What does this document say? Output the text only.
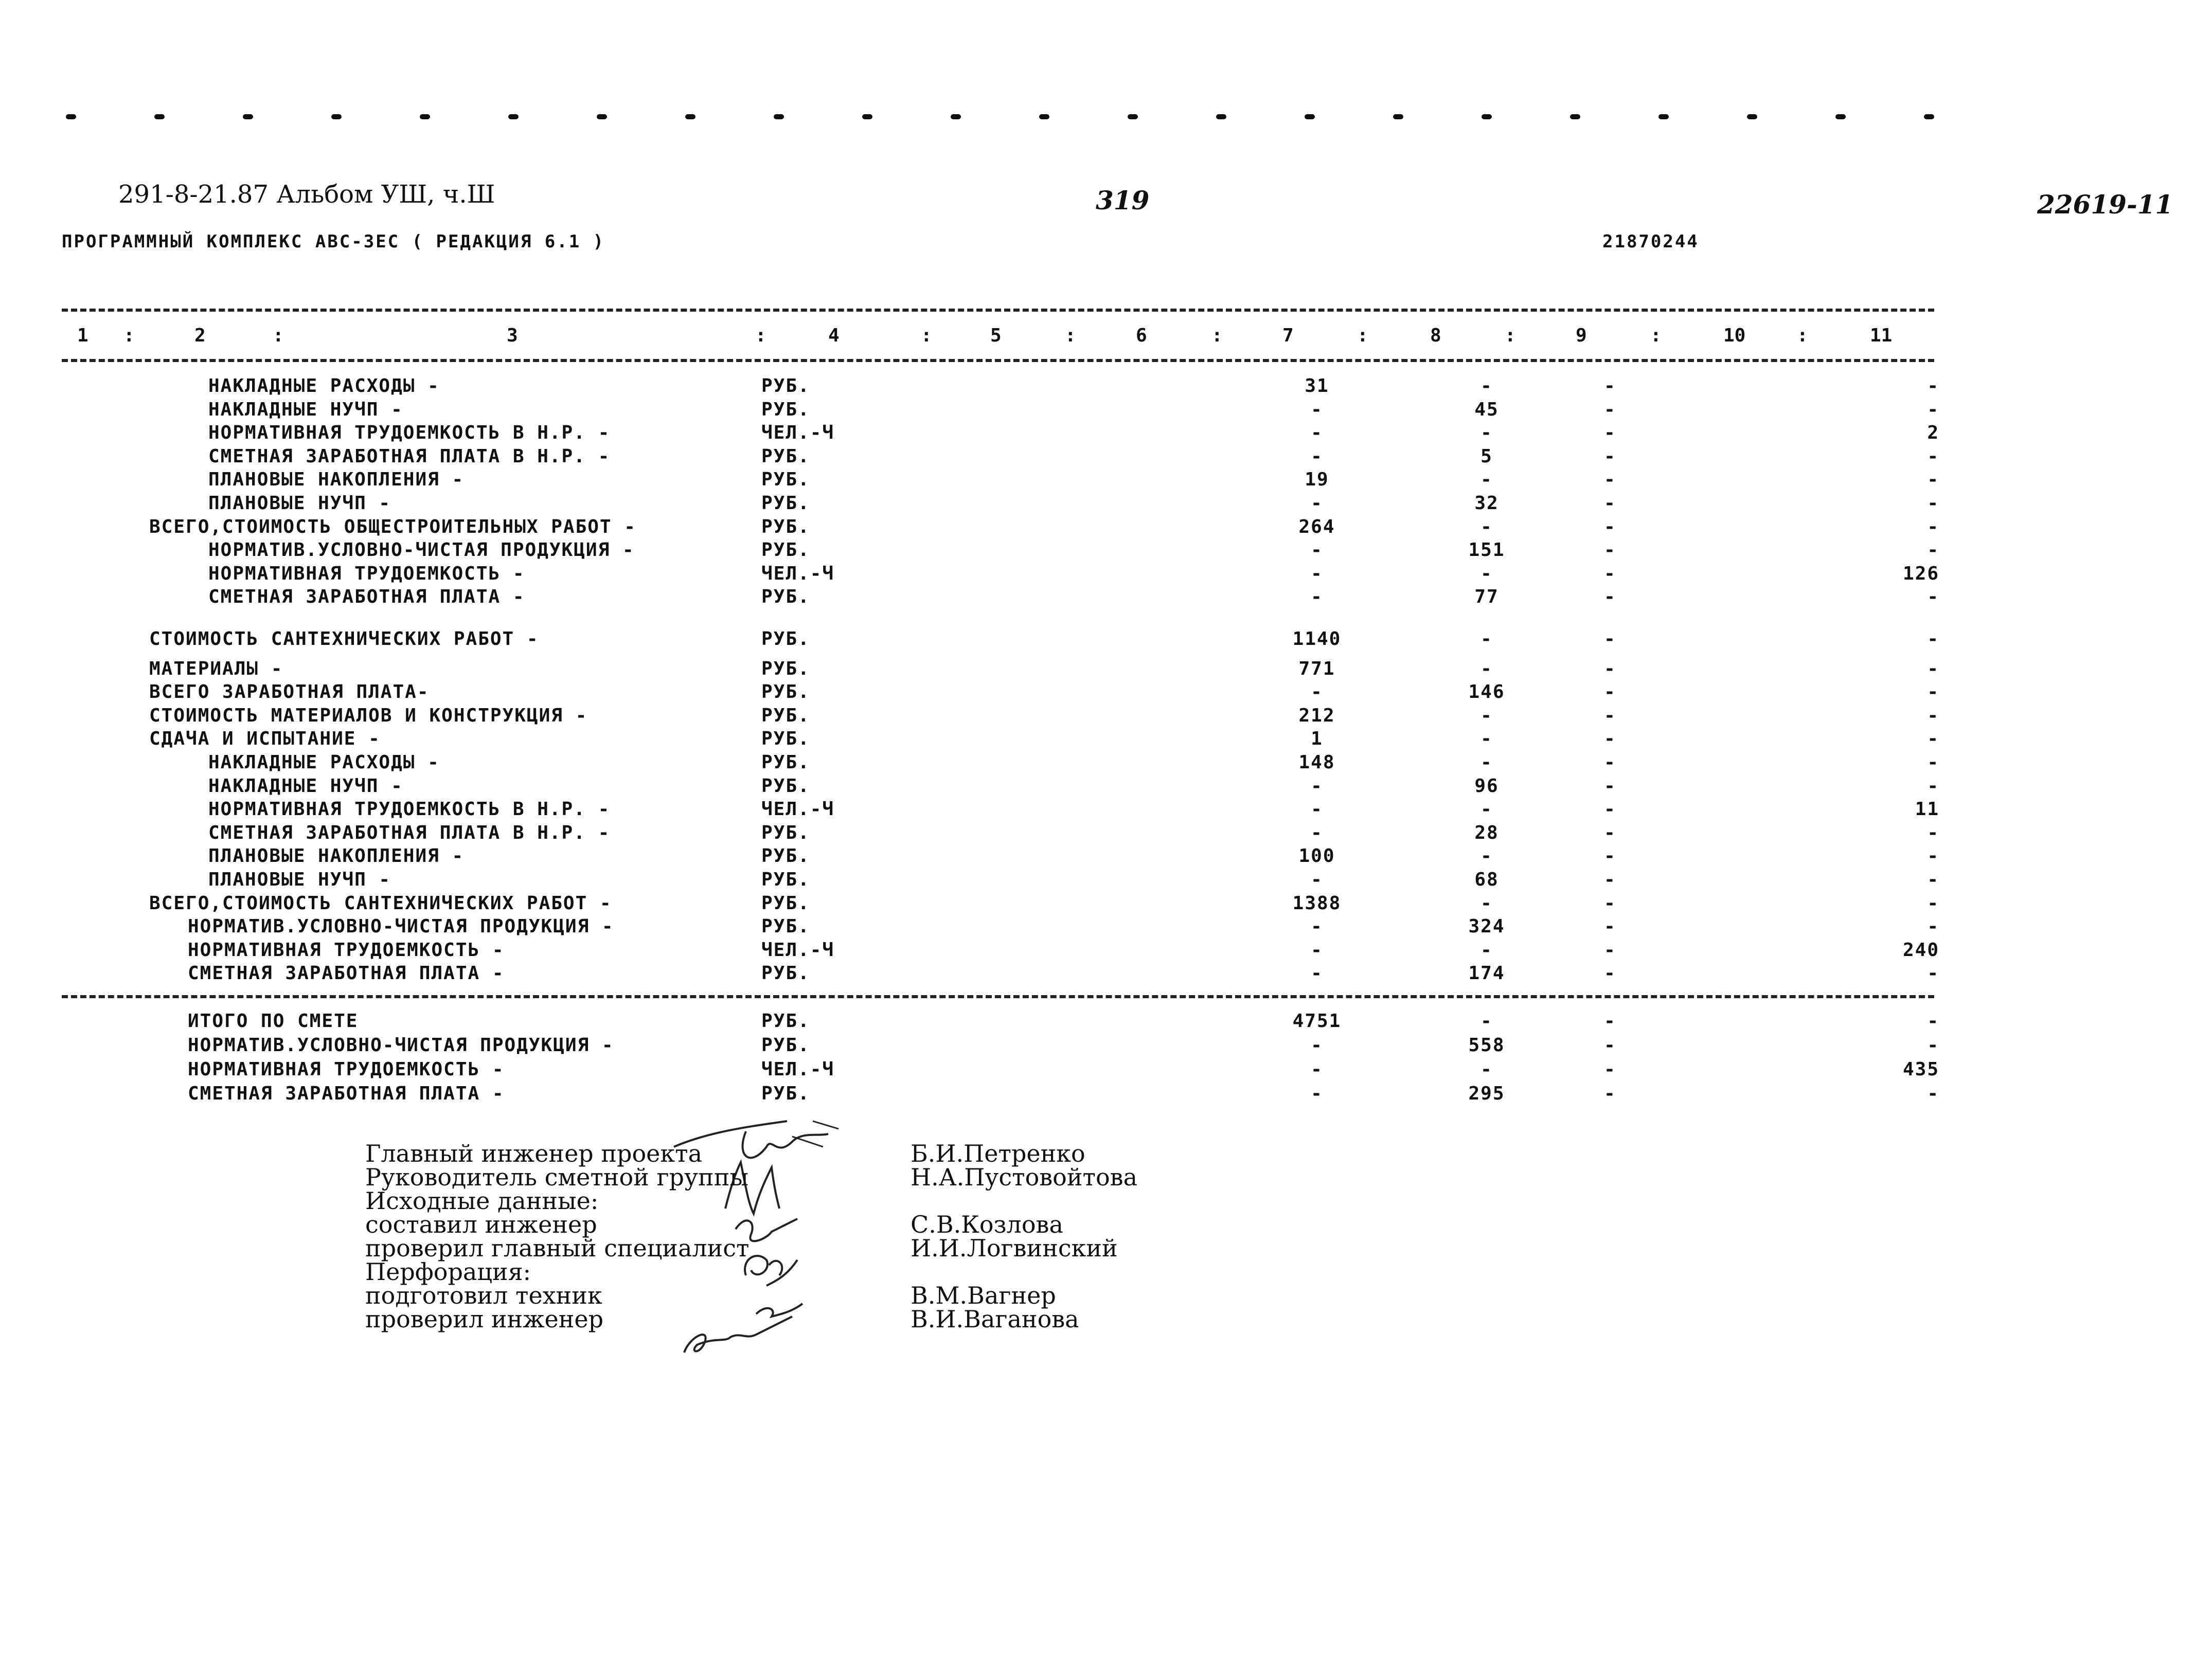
291-8-21.87 Альбом УШ, ч.Ш	319	22619-11
ПРОГРАММНЫЙ КОМПЛЕКС АВС-ЗЕС ( РЕДАКЦИЯ 6.1 )	21870244
1 :	2	:	3	:	4	:	5	:	6	:	7	:	8	:	9	:	10	:	11
НАКЛАДНЫЕ РАСХОДЫ -	РУБ.	31	-	-	-
НАКЛАДНЫЕ НУЧП -	РУБ.	-	45	-	-
НОРМАТИВНАЯ ТРУДОЕМКОСТЬ В Н.Р. -	ЧЕЛ.-Ч	-	-	-	2
СМЕТНАЯ ЗАРАБОТНАЯ ПЛАТА В Н.Р. -	РУБ.	-	5	-	-
ПЛАНОВЫЕ НАКОПЛЕНИЯ -	РУБ.	19	-	-	-
ПЛАНОВЫЕ НУЧП -	РУБ.	-	32	-	-
ВСЕГО,СТОИМОСТЬ ОБЩЕСТРОИТЕЛЬНЫХ РАБОТ -	РУБ.	264	-	-	-
НОРМАТИВ.УСЛОВНО-ЧИСТАЯ ПРОДУКЦИЯ -	РУБ.	-	151	-	-
НОРМАТИВНАЯ ТРУДОЕМКОСТЬ -	ЧЕЛ.-Ч	-	-	-	126
СМЕТНАЯ ЗАРАБОТНАЯ ПЛАТА -	РУБ.	-	77	-	-
СТОИМОСТЬ САНТЕХНИЧЕСКИХ РАБОТ -	РУБ.	1140	-	-	-
МАТЕРИАЛЫ -	РУБ.	771	-	-	-
ВСЕГО ЗАРАБОТНАЯ ПЛАТА-	РУБ.	-	146	-	-
СТОИМОСТЬ МАТЕРИАЛОВ И КОНСТРУКЦИЯ -	РУБ.	212	-	-	-
СДАЧА И ИСПЫТАНИЕ -	РУБ.	1	-	-	-
НАКЛАДНЫЕ РАСХОДЫ -	РУБ.	148	-	-	-
НАКЛАДНЫЕ НУЧП -	РУБ.	-	96	-	-
НОРМАТИВНАЯ ТРУДОЕМКОСТЬ В Н.Р. -	ЧЕЛ.-Ч	-	-	-	11
СМЕТНАЯ ЗАРАБОТНАЯ ПЛАТА В Н.Р. -	РУБ.	-	28	-	-
ПЛАНОВЫЕ НАКОПЛЕНИЯ -	РУБ.	100	-	-	-
ПЛАНОВЫЕ НУЧП -	РУБ.	-	68	-	-
ВСЕГО,СТОИМОСТЬ САНТЕХНИЧЕСКИХ РАБОТ -	РУБ.	1388	-	-	-
НОРМАТИВ.УСЛОВНО-ЧИСТАЯ ПРОДУКЦИЯ -	РУБ.	-	324	-	-
НОРМАТИВНАЯ ТРУДОЕМКОСТЬ -	ЧЕЛ.-Ч	-	-	-	240
СМЕТНАЯ ЗАРАБОТНАЯ ПЛАТА -	РУБ.	-	174	-	-
ИТОГО ПО СМЕТЕ	РУБ.	4751	-	-	-
НОРМАТИВ.УСЛОВНО-ЧИСТАЯ ПРОДУКЦИЯ -	РУБ.	-	558	-	-
НОРМАТИВНАЯ ТРУДОЕМКОСТЬ -	ЧЕЛ.-Ч	-	-	-	435
СМЕТНАЯ ЗАРАБОТНАЯ ПЛАТА -	РУБ.	-	295	-	-
Главный инженер проекта	Б.И.Петренко
Руководитель сметной группы	Н.А.Пустовойтова
Исходные данные:
составил инженер	С.В.Козлова
проверил главный специалист	И.И.Логвинский
Перфорация:
подготовил техник	В.М.Вагнер
проверил инженер	В.И.Ваганова
